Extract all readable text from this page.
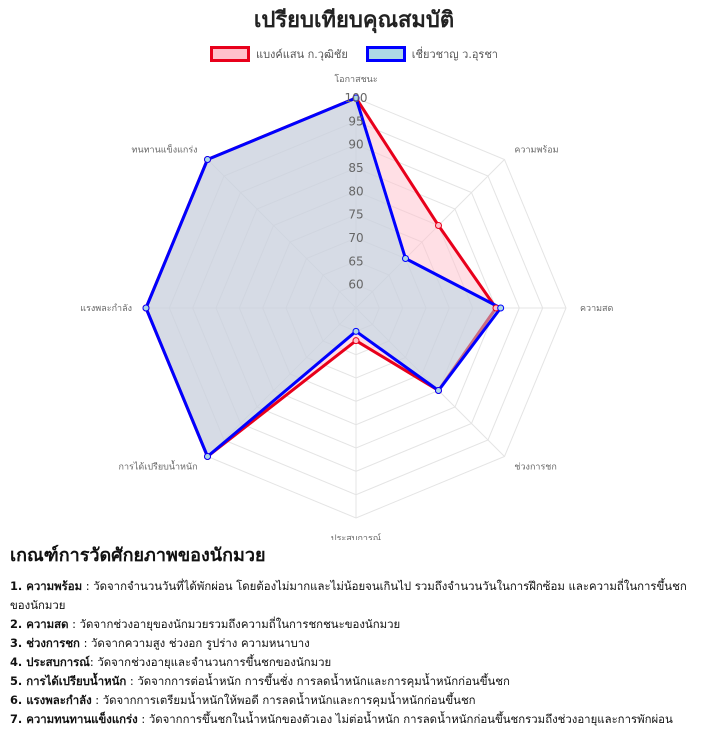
เปรียบเทียบคุณสมบัติ
แบงค์แสน ก.วุฒิชัย	เชี่ยวชาญ ว.อุรชา
60
65
70
75
80
85
90
95
100
โอกาสชนะ
ความพร้อม
ความสด
ช่วงการชก
ประสบการณ์
การได้เปรียบน้ำหนัก
แรงพละกำลัง
ทนทานแข็งแกร่ง
เกณฑ์การวัดศักยภาพของนักมวย
1. ความพร้อม : วัดจากจำนวนวันที่ได้พักผ่อน โดยต้องไม่มากและไม่น้อยจนเกินไป รวมถึงจำนวนวันในการฝึกซ้อม และความถี่ในการขึ้นชกของนักมวย
2. ความสด : วัดจากช่วงอายุของนักมวยรวมถึงความถี่ในการชกชนะของนักมวย
3. ช่วงการชก : วัดจากความสูง ช่วงอก รูปร่าง ความหนาบาง
4. ประสบการณ์: วัดจากช่วงอายุและจำนวนการขึ้นชกของนักมวย
5. การได้เปรียบน้ำหนัก : วัดจากการต่อน้ำหนัก การขึ้นชั่ง การลดน้ำหนักและการคุมน้ำหนักก่อนขึ้นชก
6. แรงพละกำลัง : วัดจากการเตรียมน้ำหนักให้พอดี การลดน้ำหนักและการคุมน้ำหนักก่อนขึ้นชก
7. ความทนทานแข็งแกร่ง : วัดจากการขึ้นชกในน้ำหนักของตัวเอง ไม่ต่อน้ำหนัก การลดน้ำหนักก่อนขึ้นชกรวมถึงช่วงอายุและการพักผ่อน
